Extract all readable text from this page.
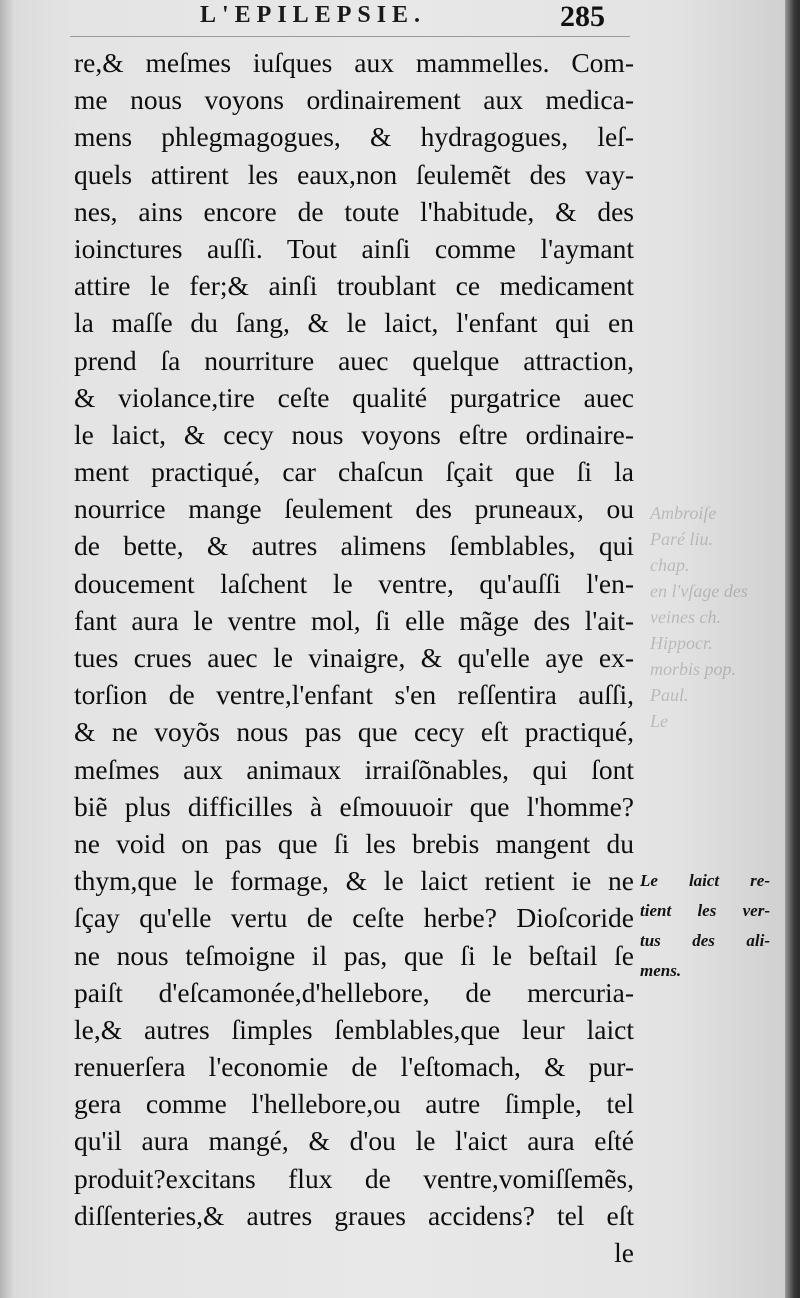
L'EPILEPSIE.	285
re,& meſmes iuſques aux mammelles. Com-
me nous voyons ordinairement aux medica-
mens phlegmagogues, & hydragogues, leſ-
quels attirent les eaux,non ſeulemẽt des vay-
nes, ains encore de toute l'habitude, & des
ioinctures auſſi. Tout ainſi comme l'aymant
attire le fer;& ainſi troublant ce medicament
la maſſe du ſang, & le laict, l'enfant qui en
prend ſa nourriture auec quelque attraction,
& violance,tire ceſte qualité purgatrice auec
le laict, & cecy nous voyons eſtre ordinaire-
ment practiqué, car chaſcun ſçait que ſi la
nourrice mange ſeulement des pruneaux, ou
de bette, & autres alimens ſemblables, qui
doucement laſchent le ventre, qu'auſſi l'en-
fant aura le ventre mol, ſi elle mãge des l'ait-
tues crues auec le vinaigre, & qu'elle aye ex-
torſion de ventre,l'enfant s'en reſſentira auſſi,
& ne voyõs nous pas que cecy eſt practiqué,
meſmes aux animaux irraiſõnables, qui ſont
biẽ plus difficilles à eſmouuoir que l'homme?
ne void on pas que ſi les brebis mangent du
thym,que le formage, & le laict retient ie ne
ſçay qu'elle vertu de ceſte herbe? Dioſcoride
ne nous teſmoigne il pas, que ſi le beſtail ſe
paiſt d'eſcamonée,d'hellebore, de mercuria-
le,& autres ſimples ſemblables,que leur laict
renuerſera l'economie de l'eſtomach, & pur-
gera comme l'hellebore,ou autre ſimple, tel
qu'il aura mangé, & d'ou le l'aict aura eſté
produit?excitans flux de ventre,vomiſſemẽs,
diſſenteries,& autres graues accidens? tel eſt
le
Ambroiſe
Paré liu.
chap.
en l'vſage des
veines ch.
Hippocr.
morbis pop.
Paul.
Le
Le laict re-
tient les ver-
tus des ali-
mens.
